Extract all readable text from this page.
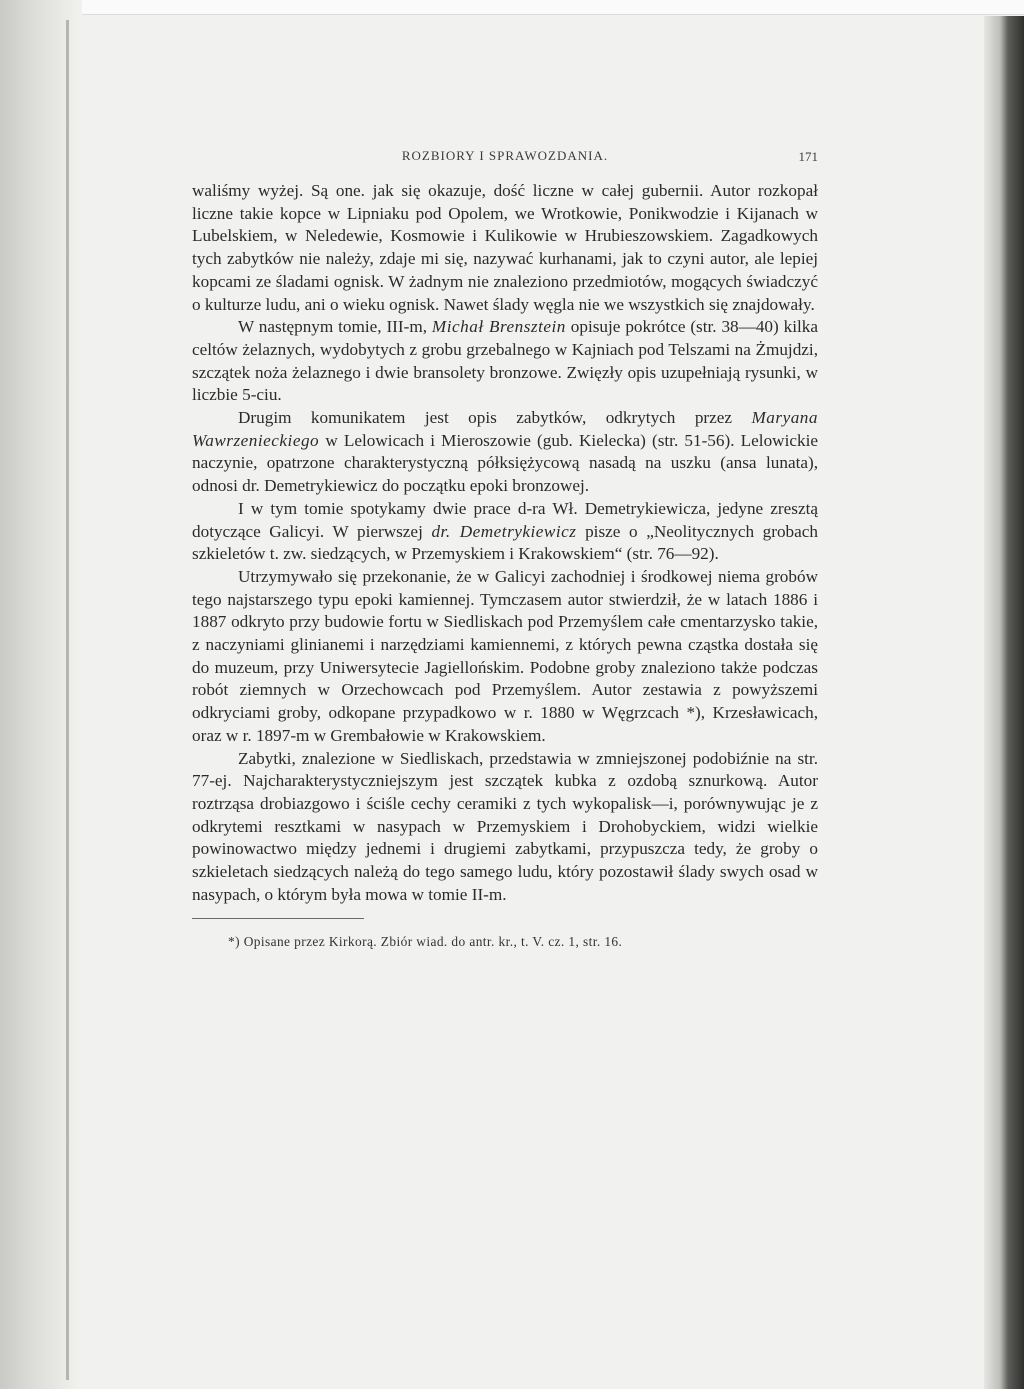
ROZBIORY I SPRAWOZDANIA.	171

waliśmy wyżej. Są one. jak się okazuje, dość liczne w całej gubernii. Autor rozkopał liczne takie kopce w Lipniaku pod Opolem, we Wrotkowie, Ponikwodzie i Kijanach w Lubelskiem, w Neledewie, Kosmowie i Kulikowie w Hrubieszowskiem. Zagadkowych tych zabytków nie należy, zdaje mi się, nazywać kurhanami, jak to czyni autor, ale lepiej kopcami ze śladami ognisk. W żadnym nie znaleziono przedmiotów, mogących świadczyć o kulturze ludu, ani o wieku ognisk. Nawet ślady węgla nie we wszystkich się znajdowały.

W następnym tomie, III-m, Michał Brensztein opisuje pokrótce (str. 38—40) kilka celtów żelaznych, wydobytych z grobu grzebalnego w Kajniach pod Telszami na Żmujdzi, szczątek noża żelaznego i dwie bransolety bronzowe. Zwięzły opis uzupełniają rysunki, w liczbie 5-ciu.

Drugim komunikatem jest opis zabytków, odkrytych przez Maryana Wawrzenieckiego w Lelowicach i Mieroszowie (gub. Kielecka) (str. 51-56). Lelowickie naczynie, opatrzone charakterystyczną półksiężycową nasadą na uszku (ansa lunata), odnosi dr. Demetrykiewicz do początku epoki bronzowej.

I w tym tomie spotykamy dwie prace d-ra Wł. Demetrykiewicza, jedyne zresztą dotyczące Galicyi. W pierwszej dr. Demetrykiewicz pisze o „Neolitycznych grobach szkieletów t. zw. siedzących, w Przemyskiem i Krakowskiem“ (str. 76—92).

Utrzymywało się przekonanie, że w Galicyi zachodniej i środkowej niema grobów tego najstarszego typu epoki kamiennej. Tymczasem autor stwierdził, że w latach 1886 i 1887 odkryto przy budowie fortu w Siedliskach pod Przemyślem całe cmentarzysko takie, z naczyniami glinianemi i narzędziami kamiennemi, z których pewna cząstka dostała się do muzeum, przy Uniwersytecie Jagiellońskim. Podobne groby znaleziono także podczas robót ziemnych w Orzechowcach pod Przemyślem. Autor zestawia z powyższemi odkryciami groby, odkopane przypadkowo w r. 1880 w Węgrzcach *), Krzesławicach, oraz w r. 1897-m w Grembałowie w Krakowskiem.

Zabytki, znalezione w Siedliskach, przedstawia w zmniejszonej podobiźnie na str. 77-ej. Najcharakterystyczniejszym jest szczątek kubka z ozdobą sznurkową. Autor roztrząsa drobiazgowo i ściśle cechy ceramiki z tych wykopalisk—i, porównywując je z odkrytemi resztkami w nasypach w Przemyskiem i Drohobyckiem, widzi wielkie powinowactwo między jednemi i drugiemi zabytkami, przypuszcza tedy, że groby o szkieletach siedzących należą do tego samego ludu, który pozostawił ślady swych osad w nasypach, o którym była mowa w tomie II-m.

*) Opisane przez Kirkorą. Zbiór wiad. do antr. kr., t. V. cz. 1, str. 16.
